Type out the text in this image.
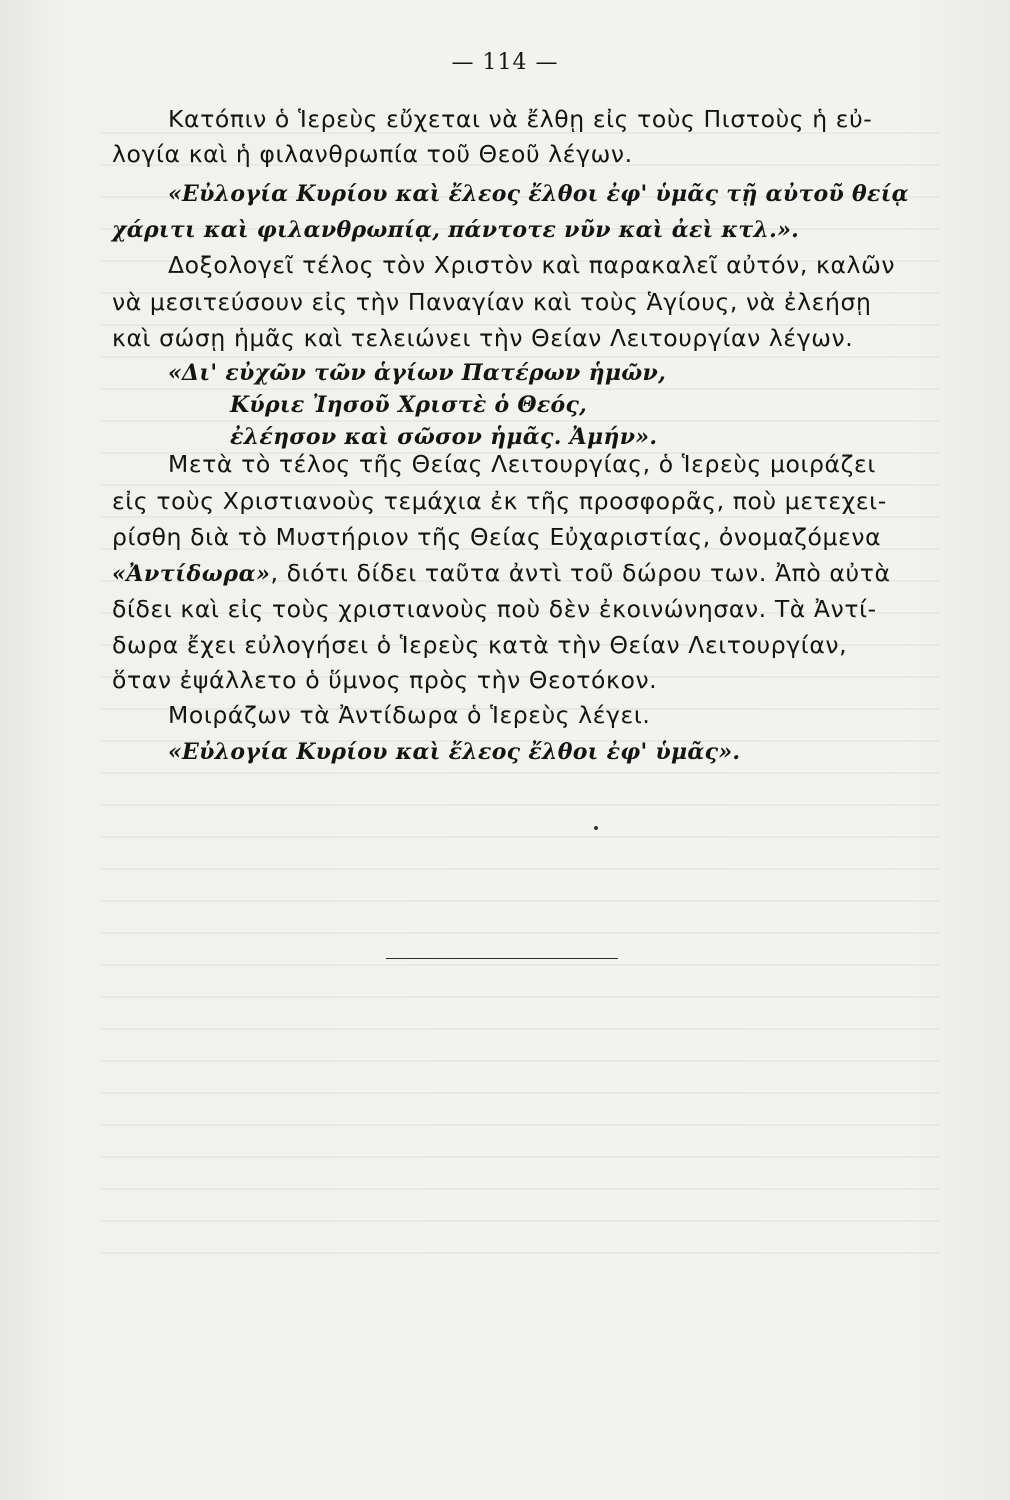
— 114 —
Κατόπιν ὁ Ἱερεὺς εὔχεται νὰ ἔλθῃ εἰς τοὺς Πιστοὺς ἡ εὐ-
λογία καὶ ἡ φιλανθρωπία τοῦ Θεοῦ λέγων.
«Εὐλογία Κυρίου καὶ ἔλεος ἔλθοι ἐφ' ὑμᾶς τῇ αὐτοῦ θείᾳ
χάριτι καὶ φιλανθρωπίᾳ, πάντοτε νῦν καὶ ἀεὶ κτλ.».
Δοξολογεῖ τέλος τὸν Χριστὸν καὶ παρακαλεῖ αὐτόν, καλῶν
νὰ μεσιτεύσουν εἰς τὴν Παναγίαν καὶ τοὺς Ἁγίους, νὰ ἐλεήσῃ
καὶ σώσῃ ἡμᾶς καὶ τελειώνει τὴν Θείαν Λειτουργίαν λέγων.
«Δι' εὐχῶν τῶν ἁγίων Πατέρων ἡμῶν,
Κύριε Ἰησοῦ Χριστὲ ὁ Θεός,
ἐλέησον καὶ σῶσον ἡμᾶς. Ἀμήν».
Μετὰ τὸ τέλος τῆς Θείας Λειτουργίας, ὁ Ἱερεὺς μοιράζει
εἰς τοὺς Χριστιανοὺς τεμάχια ἐκ τῆς προσφορᾶς, ποὺ μετεχει-
ρίσθη διὰ τὸ Μυστήριον τῆς Θείας Εὐχαριστίας, ὀνομαζόμενα
«Ἀντίδωρα», διότι δίδει ταῦτα ἀντὶ τοῦ δώρου των. Ἀπὸ αὐτὰ
δίδει καὶ εἰς τοὺς χριστιανοὺς ποὺ δὲν ἐκοινώνησαν. Τὰ Ἀντί-
δωρα ἔχει εὐλογήσει ὁ Ἱερεὺς κατὰ τὴν Θείαν Λειτουργίαν,
ὅταν ἐψάλλετο ὁ ὕμνος πρὸς τὴν Θεοτόκον.
Μοιράζων τὰ Ἀντίδωρα ὁ Ἱερεὺς λέγει.
«Εὐλογία Κυρίου καὶ ἔλεος ἔλθοι ἐφ' ὑμᾶς».
